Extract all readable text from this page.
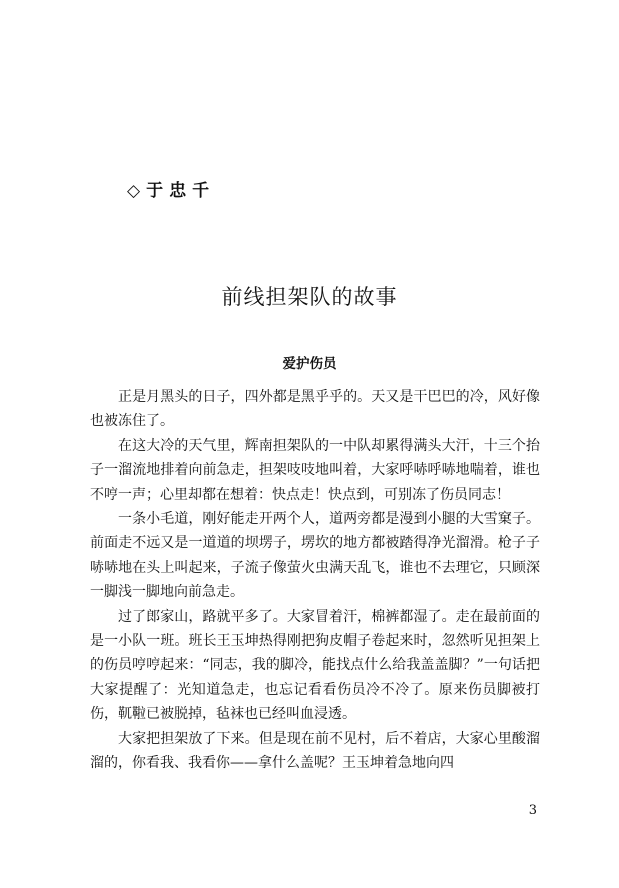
◇于忠千
前线担架队的故事
爱护伤员

正是月黑头的日子，四外都是黑乎乎的。天又是干巴巴的冷，风好像也被冻住了。

在这大冷的天气里，辉南担架队的一中队却累得满头大汗，十三个抬子一溜流地排着向前急走，担架吱吱地叫着，大家呼哧呼哧地喘着，谁也不哼一声；心里却都在想着：快点走！快点到，可别冻了伤员同志！

一条小毛道，刚好能走开两个人，道两旁都是漫到小腿的大雪窠子。前面走不远又是一道道的坝塄子，塄坎的地方都被踏得净光溜滑。枪子子哧哧地在头上叫起来，子流子像萤火虫满天乱飞，谁也不去理它，只顾深一脚浅一脚地向前急走。

过了郎家山，路就平多了。大家冒着汗，棉裤都湿了。走在最前面的是一小队一班。班长王玉坤热得刚把狗皮帽子卷起来时，忽然听见担架上的伤员哼哼起来：“同志，我的脚冷，能找点什么给我盖盖脚？”一句话把大家提醒了：光知道急走，也忘记看看伤员冷不冷了。原来伤员脚被打伤，靰鞡已被脱掉，毡袜也已经叫血浸透。

大家把担架放了下来。但是现在前不见村，后不着店，大家心里酸溜溜的，你看我、我看你——拿什么盖呢？王玉坤着急地向四

3
